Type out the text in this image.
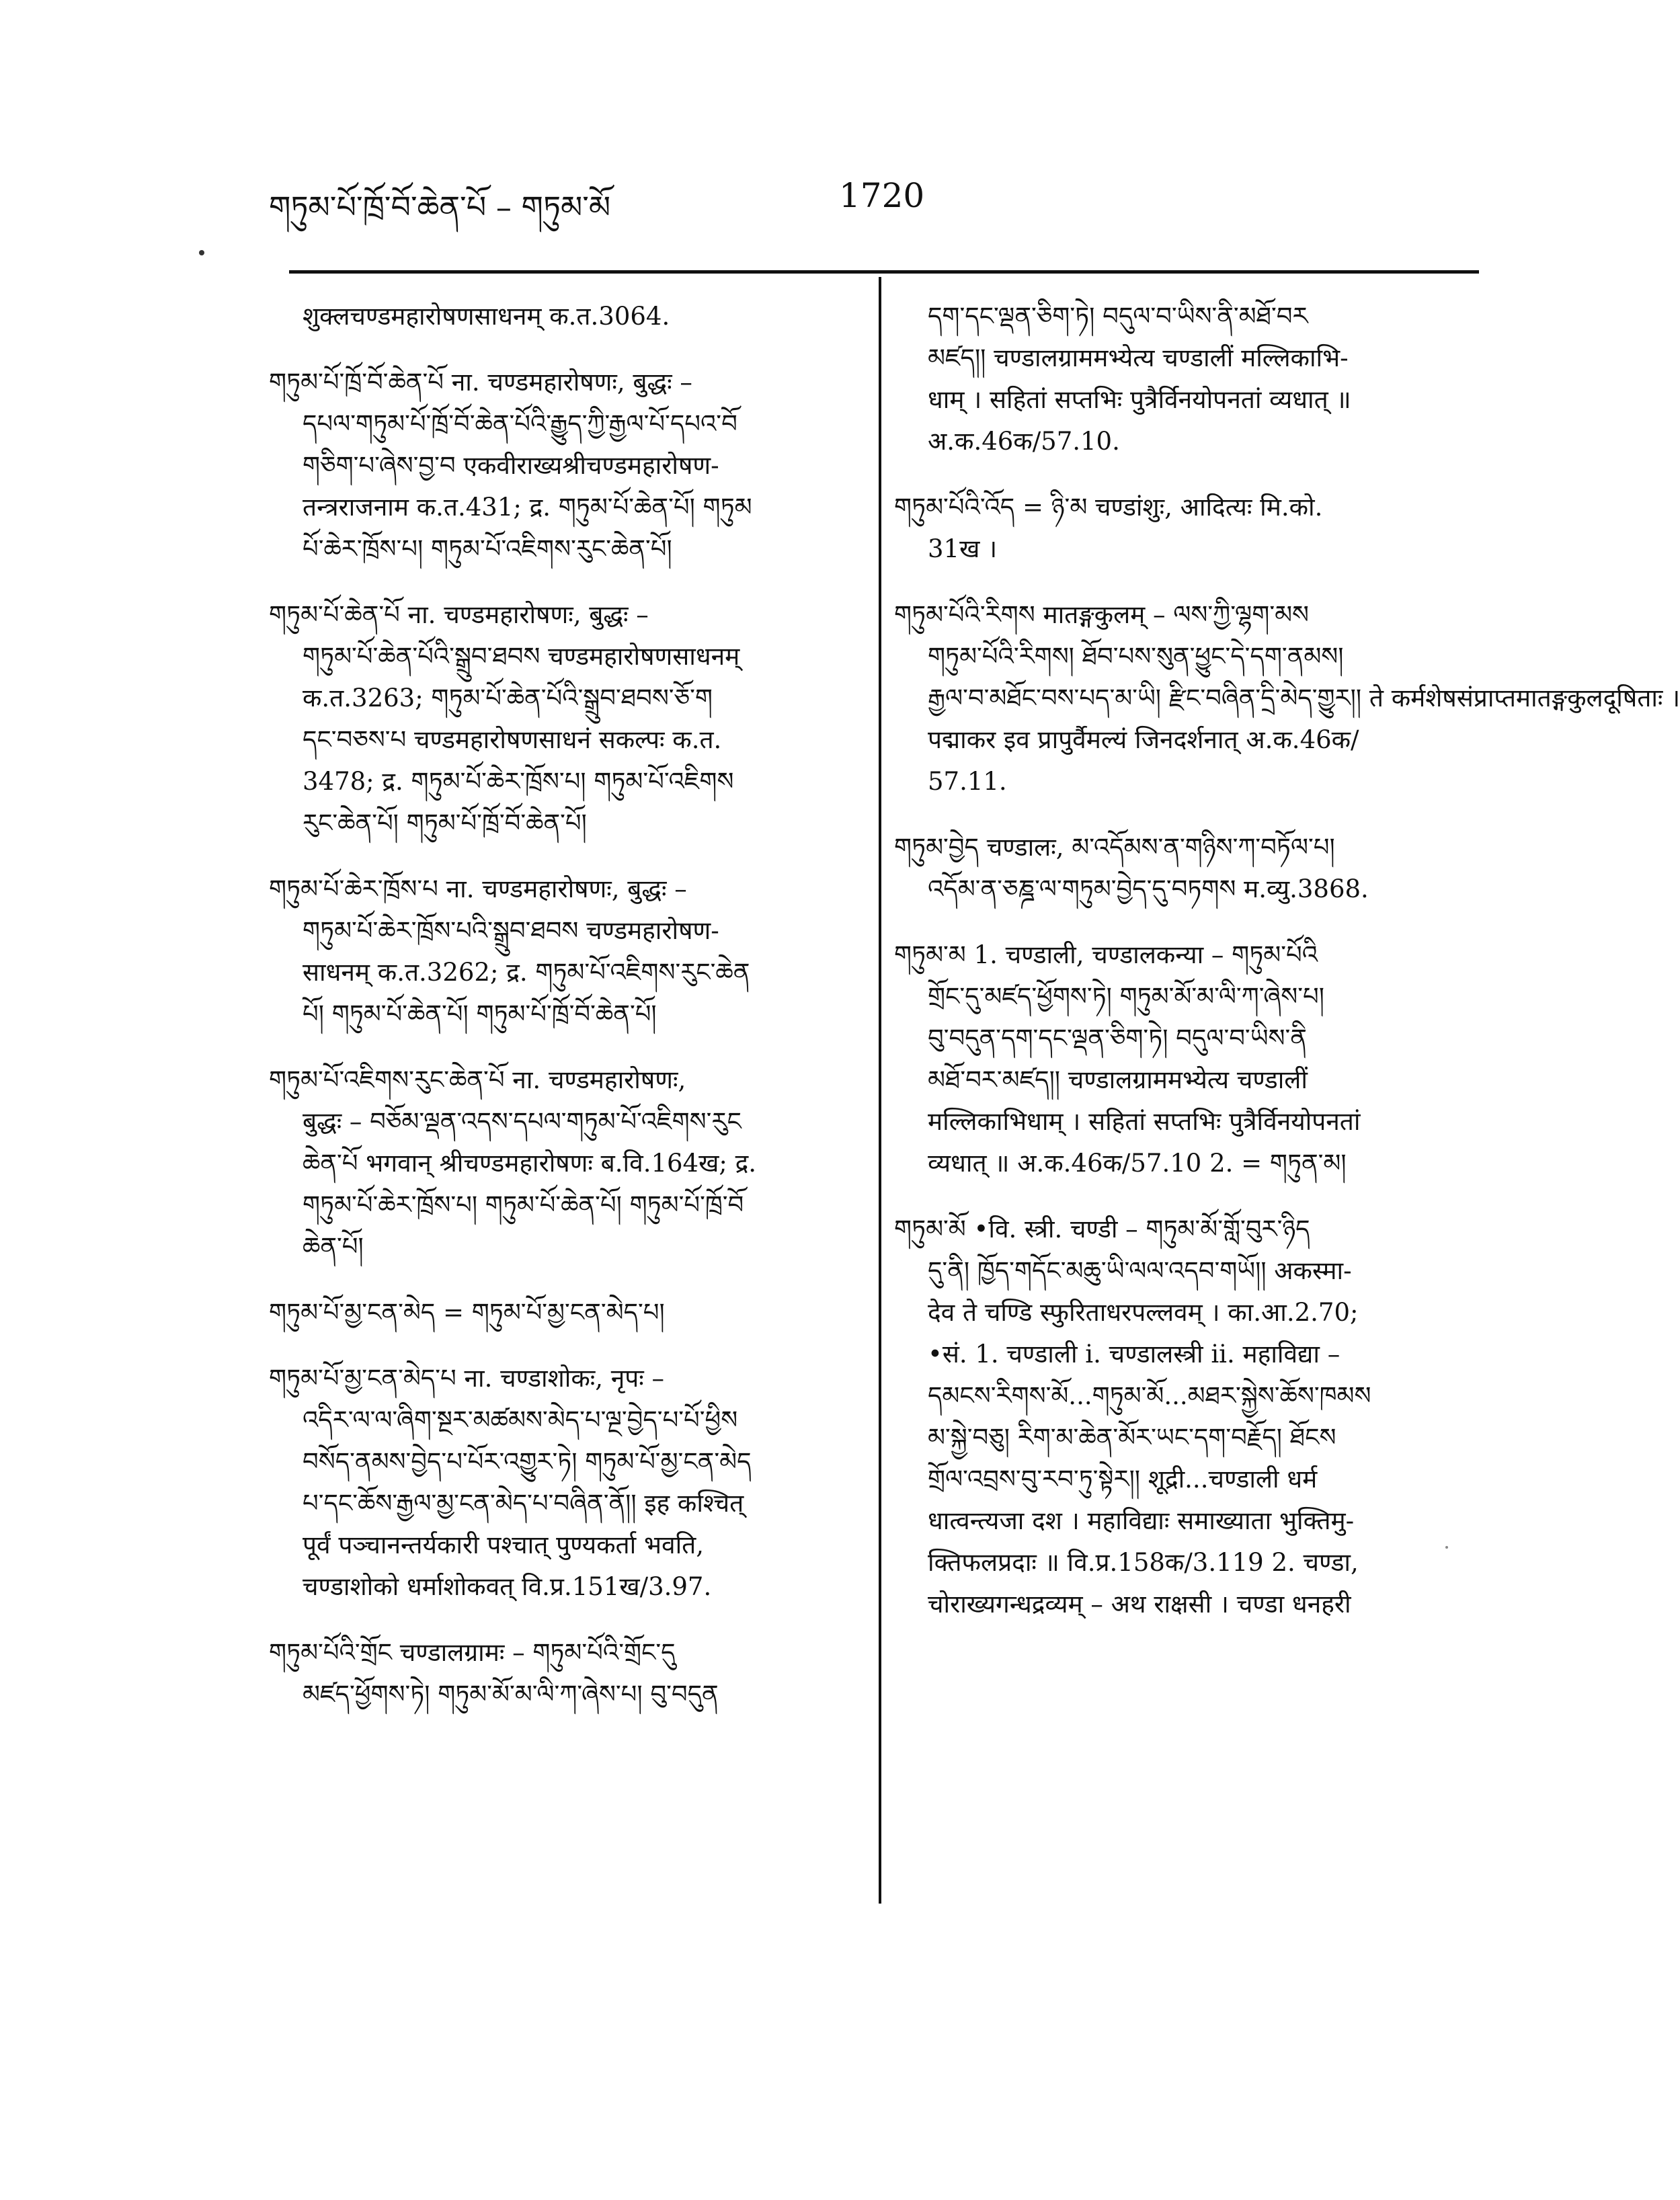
གཏུམ་པོ་ཁྲོ་བོ་ཆེན་པོ – གཏུམ་མོ	1720
शुक्लचण्डमहारोषणसाधनम् क.त.3064.
གཏུམ་པོ་ཁྲོ་བོ་ཆེན་པོ ना. चण्डमहारोषणः, बुद्धः –
དཔལ་གཏུམ་པོ་ཁྲོ་བོ་ཆེན་པོའི་རྒྱུད་ཀྱི་རྒྱལ་པོ་དཔའ་བོ
གཅིག་པ་ཞེས་བྱ་བ एकवीराख्यश्रीचण्डमहारोषण-
तन्त्रराजनाम क.त.431; द्र. གཏུམ་པོ་ཆེན་པོ། གཏུམ
པོ་ཆེར་ཁྲོས་པ། གཏུམ་པོ་འཇིགས་རུང་ཆེན་པོ།
གཏུམ་པོ་ཆེན་པོ ना. चण्डमहारोषणः, बुद्धः –
གཏུམ་པོ་ཆེན་པོའི་སྒྲུབ་ཐབས चण्डमहारोषणसाधनम्
क.त.3263; གཏུམ་པོ་ཆེན་པོའི་སྒྲུབ་ཐབས་ཅོ་ག
དང་བཅས་པ चण्डमहारोषणसाधनं सकल्पः क.त.
3478; द्र. གཏུམ་པོ་ཆེར་ཁྲོས་པ། གཏུམ་པོ་འཇིགས
རུང་ཆེན་པོ། གཏུམ་པོ་ཁྲོ་བོ་ཆེན་པོ།
གཏུམ་པོ་ཆེར་ཁྲོས་པ ना. चण्डमहारोषणः, बुद्धः –
གཏུམ་པོ་ཆེར་ཁྲོས་པའི་སྒྲུབ་ཐབས चण्डमहारोषण-
साधनम् क.त.3262; द्र. གཏུམ་པོ་འཇིགས་རུང་ཆེན
པོ། གཏུམ་པོ་ཆེན་པོ། གཏུམ་པོ་ཁྲོ་བོ་ཆེན་པོ།
གཏུམ་པོ་འཇིགས་རུང་ཆེན་པོ ना. चण्डमहारोषणः,
बुद्धः – བཅོམ་ལྡན་འདས་དཔལ་གཏུམ་པོ་འཇིགས་རུང
ཆེན་པོ भगवान् श्रीचण्डमहारोषणः ब.वि.164ख; द्र.
གཏུམ་པོ་ཆེར་ཁྲོས་པ། གཏུམ་པོ་ཆེན་པོ། གཏུམ་པོ་ཁྲོ་བོ
ཆེན་པོ།
གཏུམ་པོ་མྱ་ངན་མེད = གཏུམ་པོ་མྱ་ངན་མེད་པ།
གཏུམ་པོ་མྱ་ངན་མེད་པ ना. चण्डाशोकः, नृपः –
འདིར་ལ་ལ་ཞིག་སྔར་མཚམས་མེད་པ་ལྔ་བྱེད་པ་པོ་ཕྱིས
བསོད་ནམས་བྱེད་པ་པོར་འགྱུར་ཏེ། གཏུམ་པོ་མྱ་ངན་མེད
པ་དང་ཆོས་རྒྱལ་མྱ་ངན་མེད་པ་བཞིན་ནོ།། इह कश्चित्
पूर्वं पञ्चानन्तर्यकारी पश्चात् पुण्यकर्ता भवति,
चण्डाशोको धर्माशोकवत् वि.प्र.151ख/3.97.
གཏུམ་པོའི་གྲོང चण्डालग्रामः – གཏུམ་པོའི་གྲོང་དུ
མཛད་ཕྱོགས་ཏེ། གཏུམ་མོ་མ་ལི་ཀ་ཞེས་པ། བུ་བདུན
དག་དང་ལྡན་ཅིག་ཏེ། བདུལ་བ་ཡིས་ནི་མཐོ་བར
མཛད།། चण्डालग्राममभ्येत्य चण्डालीं मल्लिकाभि-
धाम् । सहितां सप्तभिः पुत्रैर्विनयोपनतां व्यधात् ॥
अ.क.46क/57.10.
གཏུམ་པོའི་འོད = ཉི་མ चण्डांशुः, आदित्यः मि.को.
31ख ।
གཏུམ་པོའི་རིགས मातङ्गकुलम् – ལས་ཀྱི་ལྷག་མས
གཏུམ་པོའི་རིགས། ཐོབ་པས་སུན་ཕྱུང་དེ་དག་ནམས།
རྒྱལ་བ་མཐོང་བས་པད་མ་ཡི། རྫིང་བཞིན་དྲི་མེད་གྱུར།། ते कर्मशेषसंप्राप्तमातङ्गकुलदूषिताः ।
पद्माकर इव प्रापुर्वैमल्यं जिनदर्शनात् अ.क.46क/
57.11.
གཏུམ་བྱེད चण्डालः, མ་འདོམས་ན་གཉིས་ཀ་བཏོལ་པ།
འདོམ་ན་ཅཎྜ་ལ་གཏུམ་བྱེད་དུ་བཏགས म.व्यु.3868.
གཏུམ་མ 1. चण्डाली, चण्डालकन्या – གཏུམ་པོའི
གྲོང་དུ་མཛད་ཕྱོགས་ཏེ། གཏུམ་མོ་མ་ལི་ཀ་ཞེས་པ།
བུ་བདུན་དག་དང་ལྡན་ཅིག་ཏེ། བདུལ་བ་ཡིས་ནི
མཐོ་བར་མཛད།། चण्डालग्राममभ्येत्य चण्डालीं
मल्लिकाभिधाम् । सहितां सप्तभिः पुत्रैर्विनयोपनतां
व्यधात् ॥ अ.क.46क/57.10 2. = གཏུན་མ།
གཏུམ་མོ •वि. स्त्री. चण्डी – གཏུམ་མོ་གློ་བུར་ཉིད
དུ་ནི། ཁྱོད་གདོང་མཆུ་ཡི་ལལ་འདབ་གཡོ།། अकस्मा-
देव ते चण्डि स्फुरिताधरपल्लवम् । का.आ.2.70;
•सं. 1. चण्डाली i. चण्डालस्त्री ii. महाविद्या –
དམངས་རིགས་མོ...གཏུམ་མོ...མཐར་སྐྱེས་ཆོས་ཁམས
མ་སྐྱེ་བཅུ། རིག་མ་ཆེན་མོར་ཡང་དག་བརྗོད། ཐོངས
གྲོལ་འབྲས་བུ་རབ་ཏུ་སྟེར།། शूद्री...चण्डाली धर्म
धात्वन्त्यजा दश । महाविद्याः समाख्याता भुक्तिमु-
क्तिफलप्रदाः ॥ वि.प्र.158क/3.119 2. चण्डा,
चोराख्यगन्धद्रव्यम् – अथ राक्षसी । चण्डा धनहरी
